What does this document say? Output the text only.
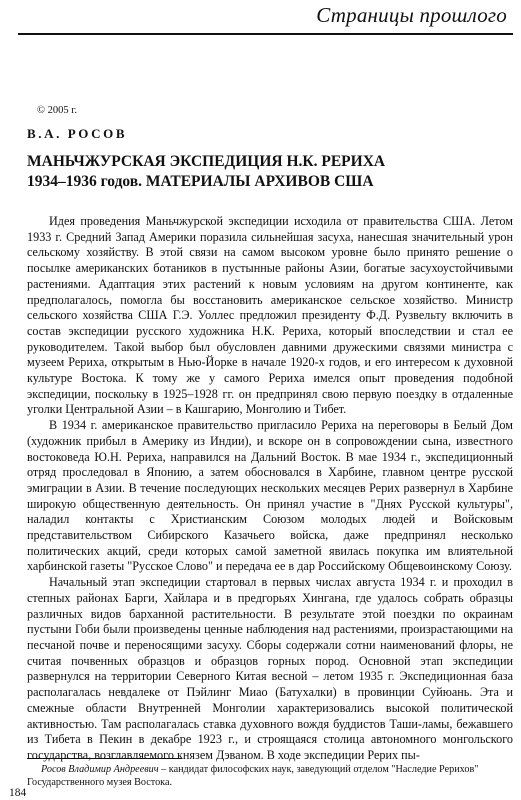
Страницы прошлого
© 2005 г.
В.А. РОСОВ
МАНЬЧЖУРСКАЯ ЭКСПЕДИЦИЯ Н.К. РЕРИХА
1934–1936 годов. МАТЕРИАЛЫ АРХИВОВ США

Идея проведения Маньчжурской экспедиции исходила от правительства США. Летом 1933 г. Средний Запад Америки поразила сильнейшая засуха, нанесшая значительный урон сельскому хозяйству. В этой связи на самом высоком уровне было принято решение о посылке американских ботаников в пустынные районы Азии, богатые засухоустойчивыми растениями. Адаптация этих растений к новым условиям на другом континенте, как предполагалось, помогла бы восстановить американское сельское хозяйство. Министр сельского хозяйства США Г.Э. Уоллес предложил президенту Ф.Д. Рузвельту включить в состав экспедиции русского художника Н.К. Рериха, который впоследствии и стал ее руководителем. Такой выбор был обусловлен давними дружескими связями министра с музеем Рериха, открытым в Нью-Йорке в начале 1920-х годов, и его интересом к духовной культуре Востока. К тому же у самого Рериха имелся опыт проведения подобной экспедиции, поскольку в 1925–1928 гг. он предпринял свою первую поездку в отдаленные уголки Центральной Азии – в Кашгарию, Монголию и Тибет.

В 1934 г. американское правительство пригласило Рериха на переговоры в Белый Дом (художник прибыл в Америку из Индии), и вскоре он в сопровождении сына, известного востоковеда Ю.Н. Рериха, направился на Дальний Восток. В мае 1934 г., экспедиционный отряд проследовал в Японию, а затем обосновался в Харбине, главном центре русской эмиграции в Азии. В течение последующих нескольких месяцев Рерих развернул в Харбине широкую общественную деятельность. Он принял участие в "Днях Русской культуры", наладил контакты с Христианским Союзом молодых людей и Войсковым представительством Сибирского Казачьего войска, даже предпринял несколько политических акций, среди которых самой заметной явилась покупка им влиятельной харбинской газеты "Русское Слово" и передача ее в дар Российскому Общевоинскому Союзу.

Начальный этап экспедиции стартовал в первых числах августа 1934 г. и проходил в степных районах Барги, Хайлара и в предгорьях Хингана, где удалось собрать образцы различных видов барханной растительности. В результате этой поездки по окраинам пустыни Гоби были произведены ценные наблюдения над растениями, произрастающими на песчаной почве и переносящими засуху. Сборы содержали сотни наименований флоры, не считая почвенных образцов и образцов горных пород. Основной этап экспедиции развернулся на территории Северного Китая весной – летом 1935 г. Экспедиционная база располагалась невдалеке от Пэйлинг Миао (Батухалки) в провинции Суйюань. Эта и смежные области Внутренней Монголии характеризовались высокой политической активностью. Там располагалась ставка духовного вождя буддистов Таши-ламы, бежавшего из Тибета в Пекин в декабре 1923 г., и строящаяся столица автономного монгольского государства, возглавляемого князем Дэваном. В ходе экспедиции Рерих пы-

Росов Владимир Андреевич – кандидат философских наук, заведующий отделом "Наследие Рерихов" Государственного музея Востока.
184
